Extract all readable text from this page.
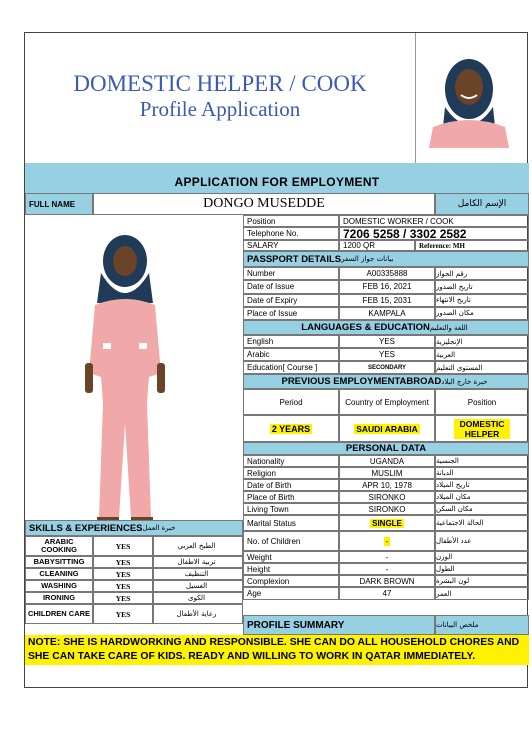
DOMESTIC HELPER / COOK
Profile Application
APPLICATION FOR EMPLOYMENT
FULL NAME	DONGO MUSEDDE	الإسم الكامل
Position	DOMESTIC WORKER / COOK
Telephone No.	7206 5258 / 3302 2582
SALARY	1200 QR	Reference: MH
PASSPORT DETAILS بيانات جواز السفر
Number	A00335888	رقم الجواز
Date of Issue	FEB 16, 2021	تاريخ الصدور
Date of Expiry	FEB 15, 2031	تاريخ الانتهاء
Place of Issue	KAMPALA	مكان الصدور
LANGUAGES & EDUCATION اللغة والتعليم
English	YES	الإنجليزية
Arabic	YES	العربية
Education[ Course ]	SECONDARY	المستوى التعليم
PREVIOUS EMPLOYMENTABROAD خبرة خارج البلاد
Period	Country of Employment	Position
2 YEARS	SAUDI ARABIA	DOMESTIC HELPER
PERSONAL DATA
Nationality	UGANDA	الجنسية
Religion	MUSLIM	الديانة
Date of Birth	APR 10, 1978	تاريخ الميلاد
Place of Birth	SIRONKO	مكان الميلاد
Living Town	SIRONKO	مكان السكن
Marital Status	SINGLE	الحالة الاجتماعية
No. of Children	-	عدد الأطفال
Weight	-	الوزن
Height	-	الطول
Complexion	DARK BROWN	لون البشرة
Age	47	العمر
SKILLS & EXPERIENCES خبرة العمل
ARABIC COOKING	YES	الطبخ العربي
BABYSITTING	YES	تربية الاطفال
CLEANING	YES	التنظيف
WASHING	YES	الغسيل
IRONING	YES	الكوى
CHILDREN CARE	YES	رعاية الأطفال
PROFILE SUMMARY	ملخص البيانات
NOTE: SHE IS HARDWORKING AND RESPONSIBLE. SHE CAN DO ALL HOUSEHOLD CHORES AND SHE CAN TAKE CARE OF KIDS. READY AND WILLING TO WORK IN QATAR IMMEDIATELY.
